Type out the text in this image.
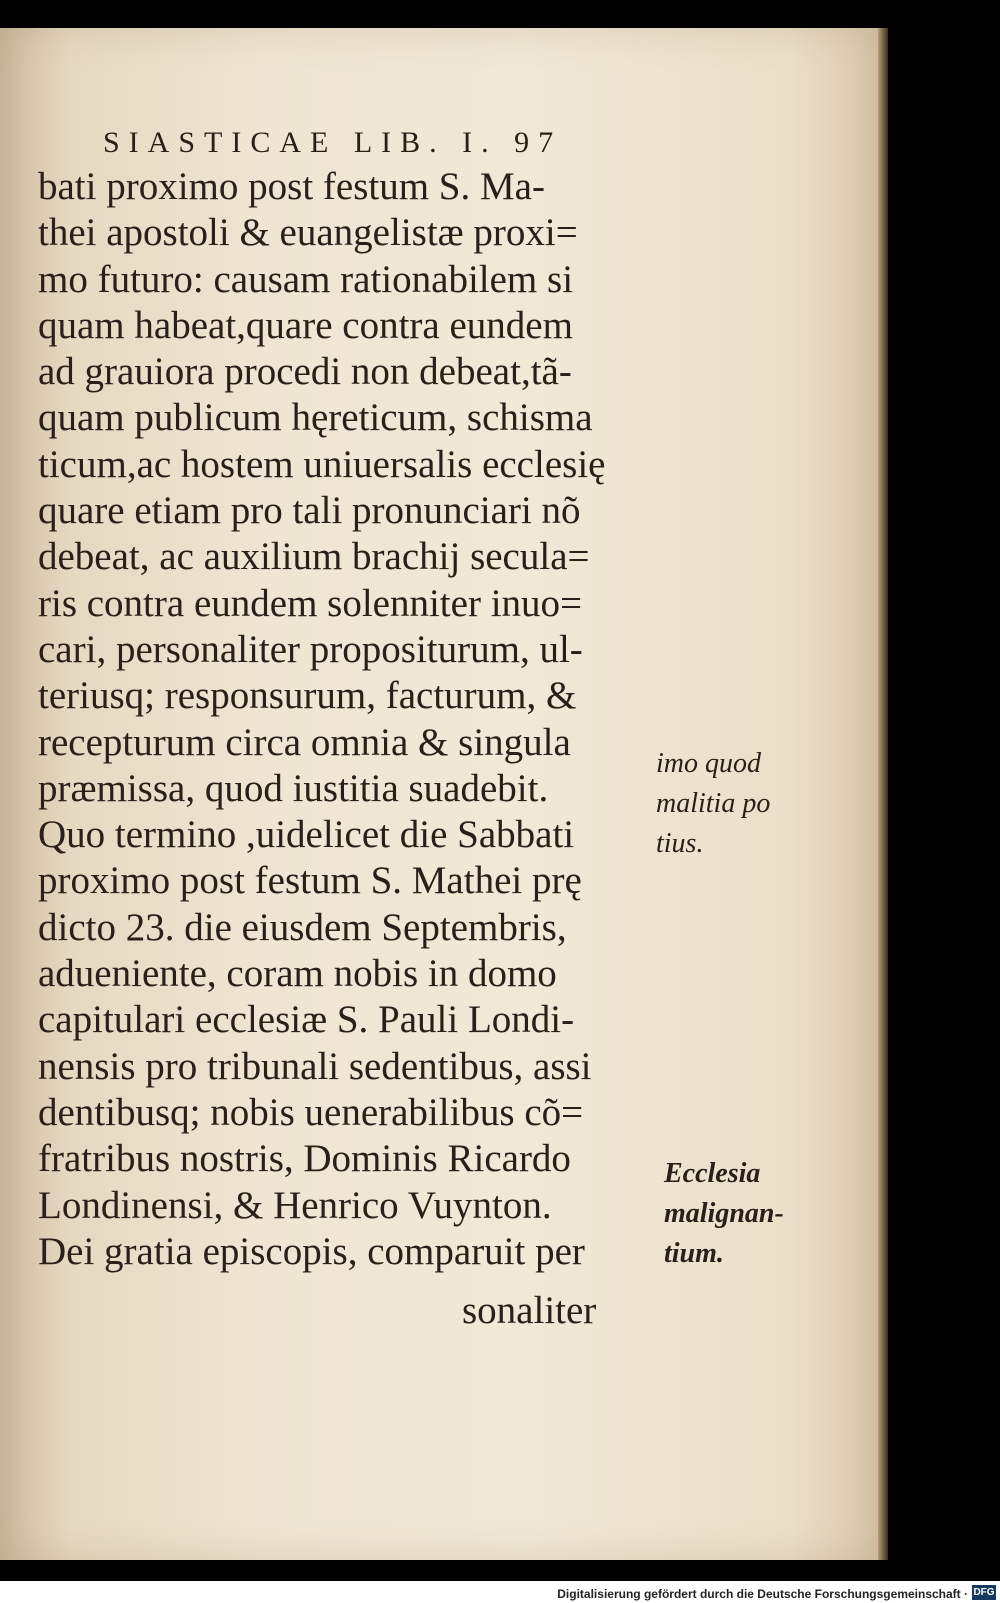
SIASTICAE LIB. I. 97
bati proximo post festum S. Ma-
thei apostoli & euangelistæ proxi=
mo futuro: causam rationabilem si
quam habeat,quare contra eundem
ad grauiora procedi non debeat,tã-
quam publicum hęreticum, schisma
ticum,ac hostem uniuersalis ecclesię
quare etiam pro tali pronunciari nõ
debeat, ac auxilium brachij secula=
ris contra eundem solenniter inuo=
cari, personaliter propositurum, ul-
teriusq; responsurum, facturum, &
recepturum circa omnia & singula
præmissa, quod iustitia suadebit.
Quo termino ,uidelicet die Sabbati
proximo post festum S. Mathei prę
dicto 23. die eiusdem Septembris,
adueniente, coram nobis in domo
capitulari ecclesiæ S. Pauli Londi-
nensis pro tribunali sedentibus, assi
dentibusq; nobis uenerabilibus cõ=
fratribus nostris, Dominis Ricardo
Londinensi, & Henrico Vuynton.
Dei gratia episcopis, comparuit per
sonaliter
imo quod
malitia po
tius.
Ecclesia
malignan-
tium.
Digitalisierung gefördert durch die Deutsche Forschungsgemeinschaft · DFG
